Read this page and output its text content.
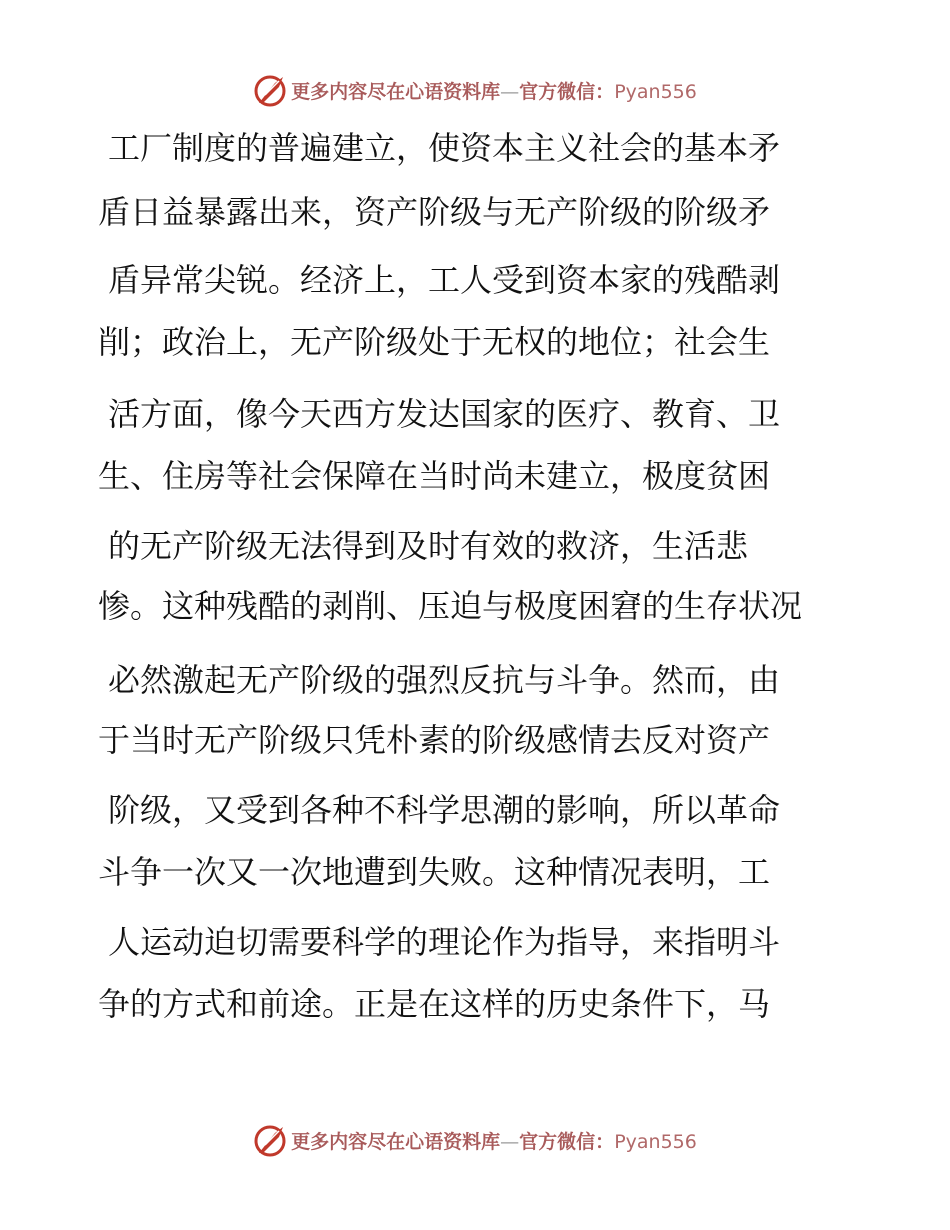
更多内容尽在心语资料库—官方微信：Pyan556
工厂制度的普遍建立，使资本主义社会的基本矛
盾日益暴露出来，资产阶级与无产阶级的阶级矛
盾异常尖锐。经济上，工人受到资本家的残酷剥
削；政治上，无产阶级处于无权的地位；社会生
活方面，像今天西方发达国家的医疗、教育、卫
生、住房等社会保障在当时尚未建立，极度贫困
的无产阶级无法得到及时有效的救济，生活悲
惨。这种残酷的剥削、压迫与极度困窘的生存状况
必然激起无产阶级的强烈反抗与斗争。然而，由
于当时无产阶级只凭朴素的阶级感情去反对资产
阶级，又受到各种不科学思潮的影响，所以革命
斗争一次又一次地遭到失败。这种情况表明，工
人运动迫切需要科学的理论作为指导，来指明斗
争的方式和前途。正是在这样的历史条件下，马
更多内容尽在心语资料库—官方微信：Pyan556
